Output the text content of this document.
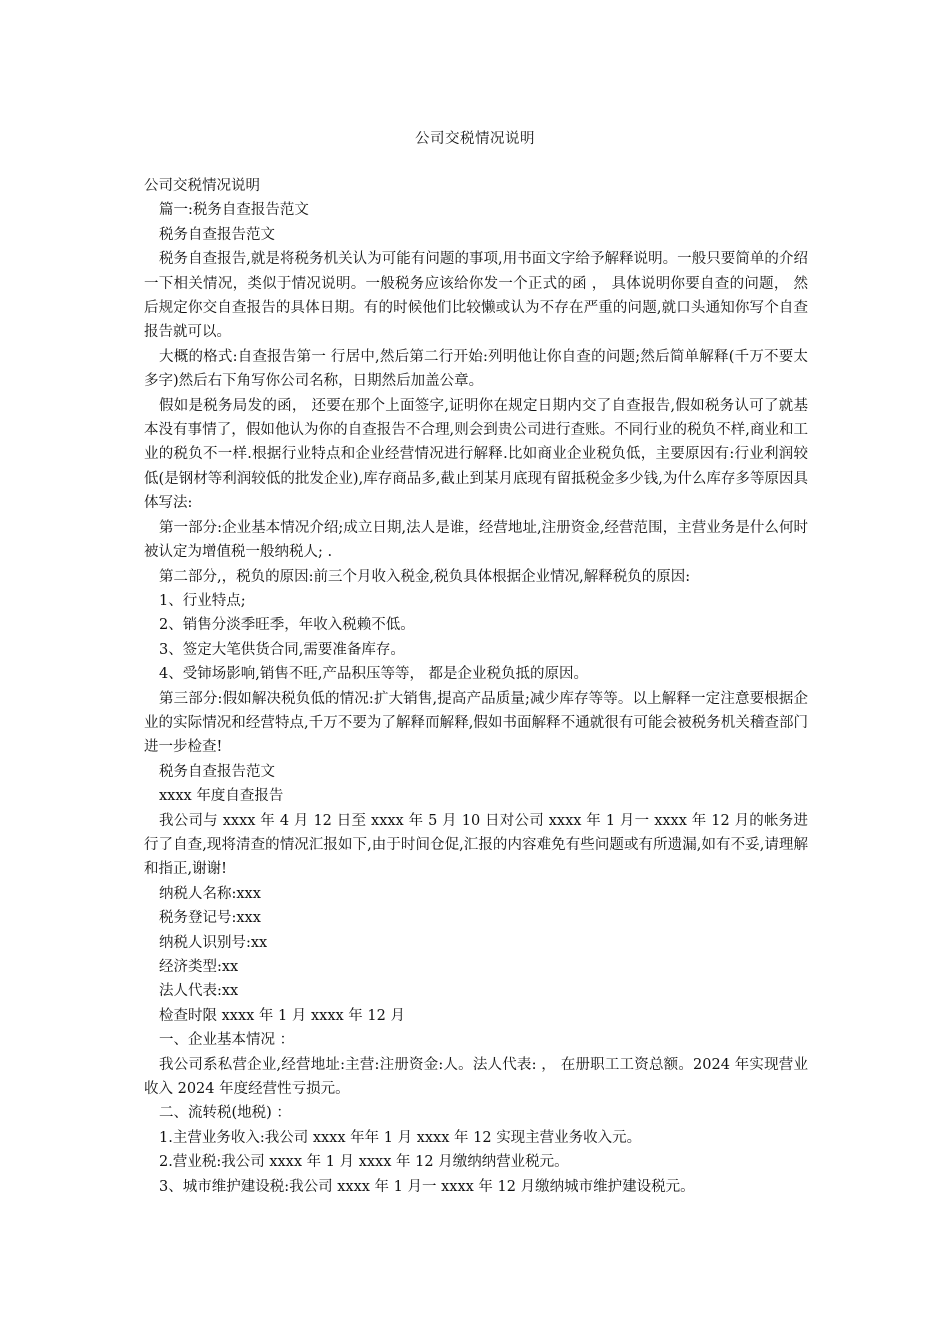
公司交税情况说明

公司交税情况说明

篇一:税务自查报告范文

税务自查报告范文

税务自查报告,就是将税务机关认为可能有问题的事项,用书面文字给予解释说明。一般只要简单的介绍一下相关情况，类似于情况说明。一般税务应该给你发一个正式的函 ， 具体说明你要自查的问题， 然后规定你交自查报告的具体日期。有的时候他们比较懒或认为不存在严重的问题,就口头通知你写个自查报告就可以。

大概的格式:自查报告第一 行居中,然后第二行开始:列明他让你自查的问题;然后简单解释(千万不要太多字)然后右下角写你公司名称，日期然后加盖公章。

假如是税务局发的函， 还要在那个上面签字,证明你在规定日期内交了自查报告,假如税务认可了就基本没有事情了，假如他认为你的自查报告不合理,则会到贵公司进行查账。不同行业的税负不样,商业和工业的税负不一样.根据行业特点和企业经营情况进行解释.比如商业企业税负低，主要原因有:行业利润较低(是钢材等利润较低的批发企业),库存商品多,截止到某月底现有留抵税金多少钱,为什么库存多等原因具体写法:

第一部分:企业基本情况介绍;成立日期,法人是谁，经营地址,注册资金,经营范围，主营业务是什么何时被认定为增值税一般纳税人; .

第二部分,，税负的原因:前三个月收入税金,税负具体根据企业情况,解释税负的原因:

1、行业特点;

2、销售分淡季旺季，年收入税赖不低。

3、签定大笔供货合同,需要准备库存。

4、受铈场影响,销售不旺,产品积压等等， 都是企业税负抵的原因。

第三部分:假如解决税负低的情况:扩大销售,提高产品质量;减少库存等等。以上解释一定注意要根据企业的实际情况和经营特点,千万不要为了解释而解释,假如书面解释不通就很有可能会被税务机关稽查部门进一步检查!

税务自查报告范文

xxxx 年度自查报告

我公司与 xxxx 年 4 月 12 日至 xxxx 年 5 月 10 日对公司 xxxx 年 1 月一 xxxx 年 12 月的帐务进行了自查,现将清查的情况汇报如下,由于时间仓促,汇报的内容难免有些问题或有所遗漏,如有不妥,请理解和指正,谢谢!

纳税人名称:xxx

税务登记号:xxx

纳税人识别号:xx

经济类型:xx

法人代表:xx

检查时限 xxxx 年 1 月 xxxx 年 12 月

一、企业基本情况 ：

我公司系私营企业,经营地址:主营:注册资金:人。法人代表: ， 在册职工工资总额。2024 年实现营业收入 2024 年度经营性亏损元。

二、流转税(地税) ：

1.主营业务收入:我公司 xxxx 年年 1 月 xxxx 年 12 实现主营业务收入元。

2.营业税:我公司 xxxx 年 1 月 xxxx 年 12 月缴纳纳营业税元。

3、城市维护建设税:我公司 xxxx 年 1 月一 xxxx 年 12 月缴纳城市维护建设税元。
